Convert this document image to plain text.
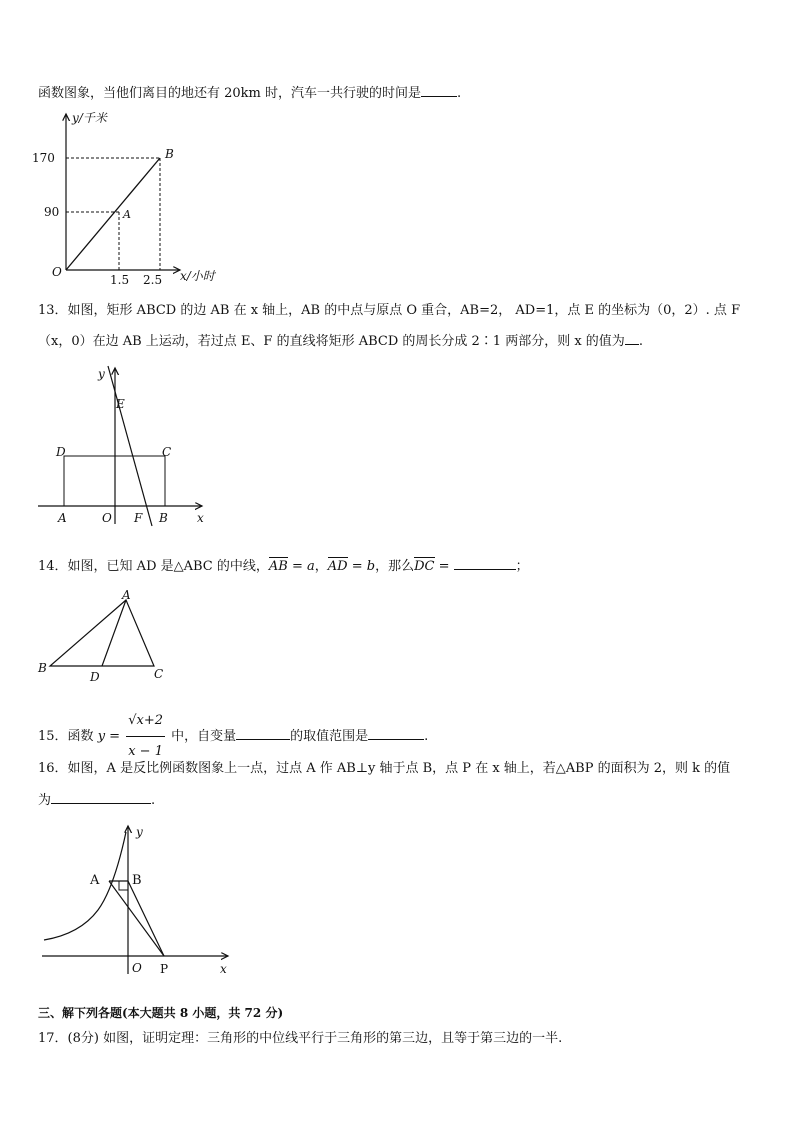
函数图象，当他们离目的地还有 20km 时，汽车一共行驶的时间是	.
y/千米
170
90
O
1.5 2.5 x/小时
A
B
13．如图，矩形 ABCD 的边 AB 在 x 轴上，AB 的中点与原点 O 重合，AB=2， AD=1，点 E 的坐标为（0，2）. 点 F
（x，0）在边 AB 上运动，若过点 E、F 的直线将矩形 ABCD 的周长分成 2∶1 两部分，则 x 的值为 .
y
E
D	C
A	O F B x
14．如图，已知 AD 是△ABC 的中线，AB = a，AD = b，那么DC =	；
A
B	C
D
15．函数 $y = \frac{√x+2}{x - 1}$ 中，自变量	的取值范围是	.
16．如图，A 是反比例函数图象上一点，过点 A 作 AB⊥y 轴于点 B，点 P 在 x 轴上，若△ABP 的面积为 2，则 k 的值
为	.
A	B
O P	x
y
三、解下列各题(本大题共 8 小题，共 72 分)
17．(8分) 如图，证明定理：三角形的中位线平行于三角形的第三边，且等于第三边的一半.
